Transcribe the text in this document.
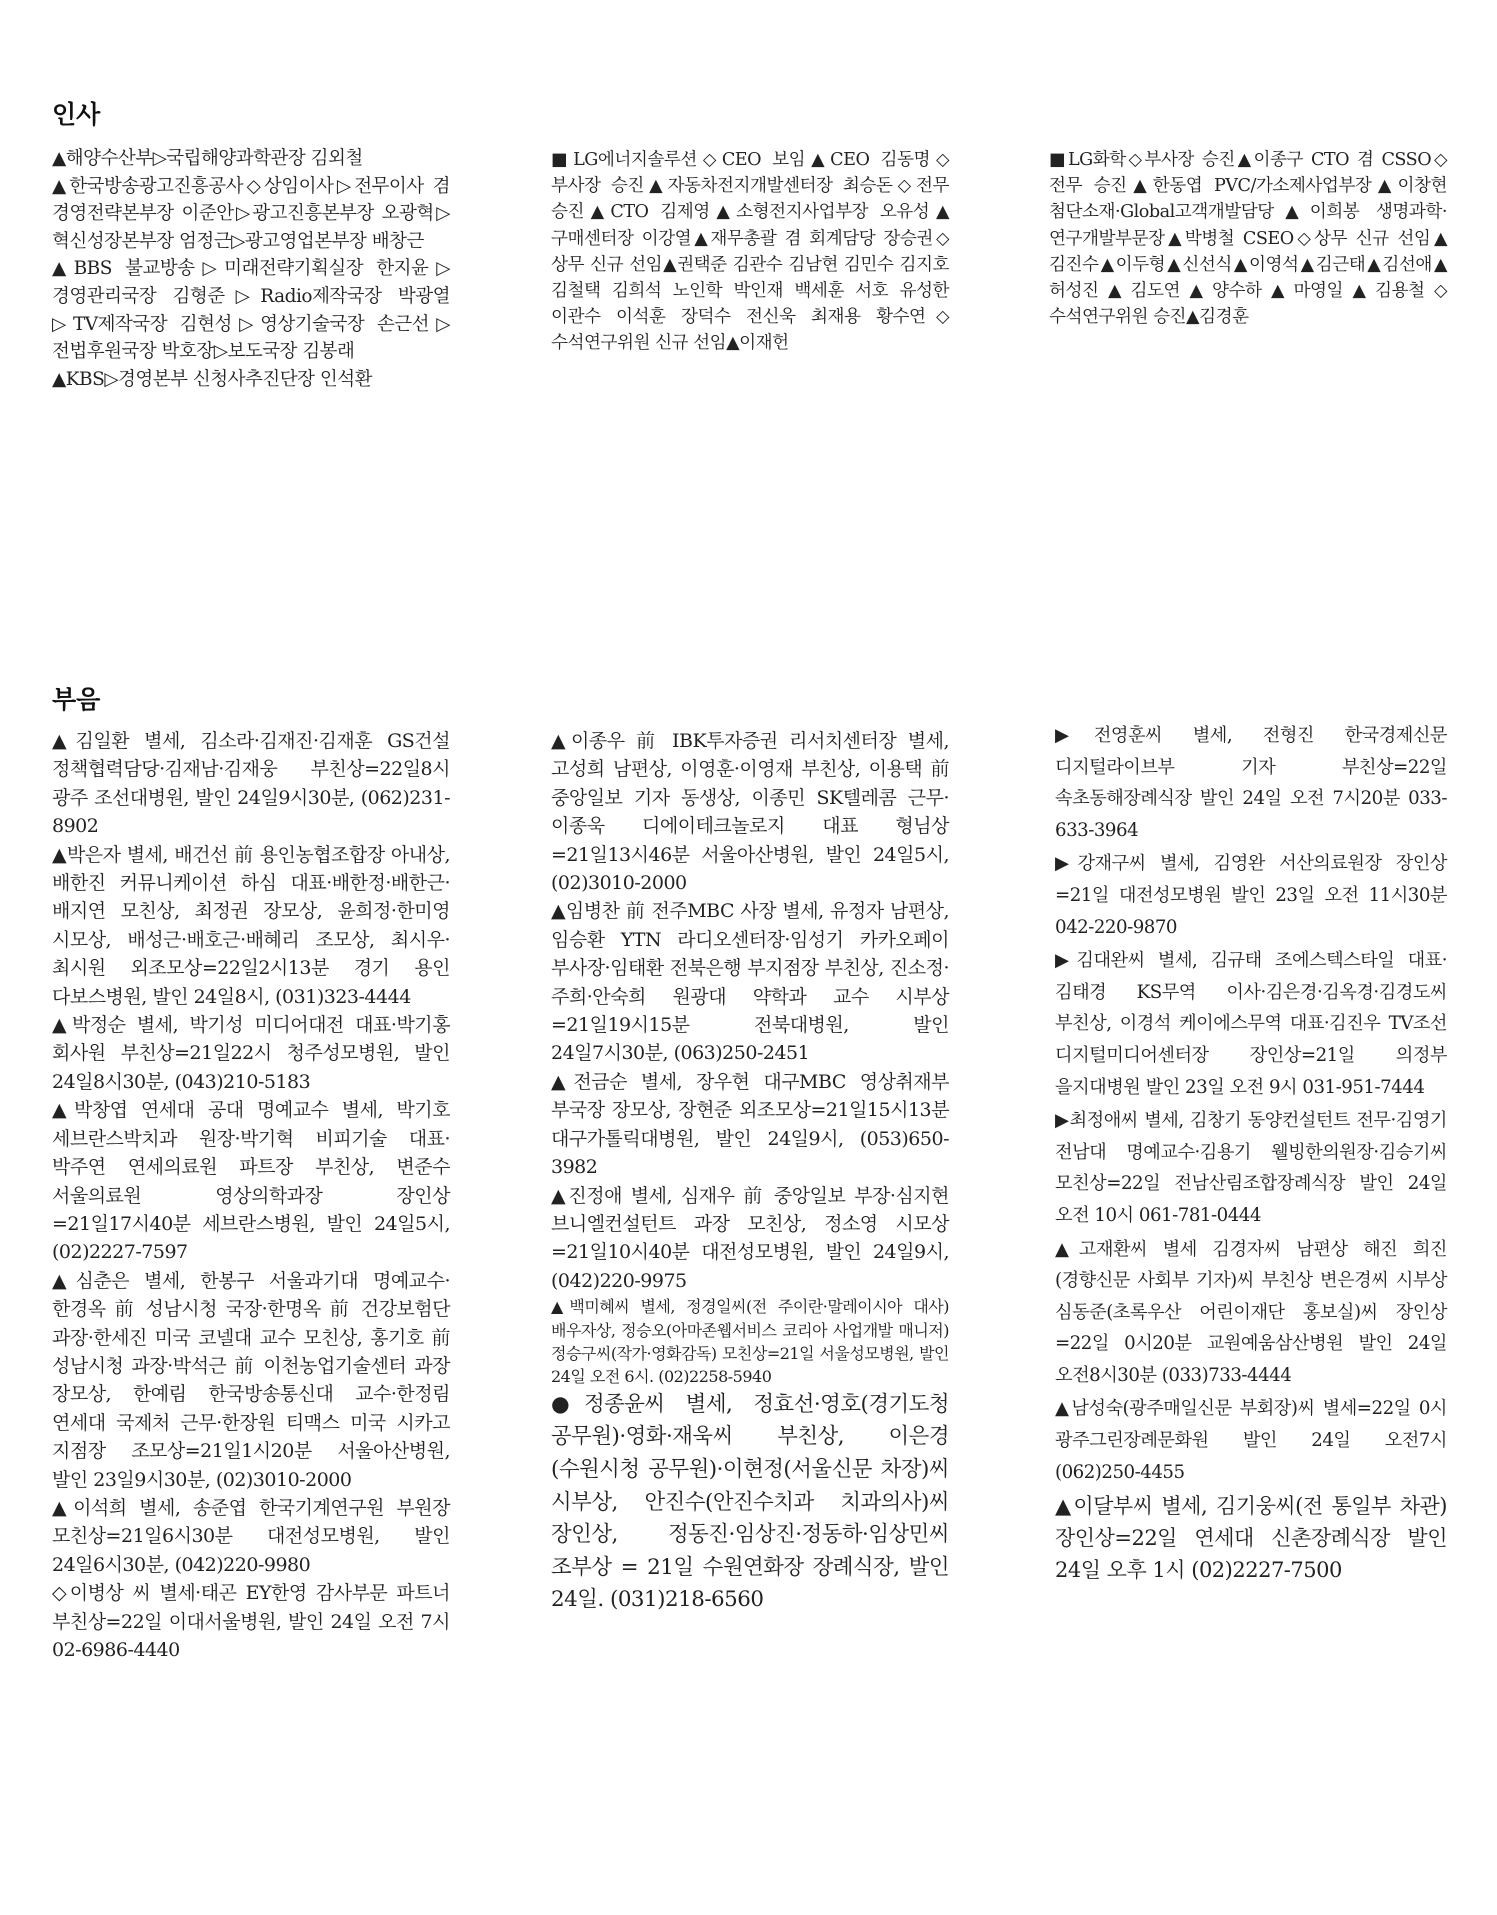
인사

▲해양수산부▷국립해양과학관장 김외철

▲한국방송광고진흥공사◇상임이사▷전무이사 겸 경영전략본부장 이준안▷광고진흥본부장 오광혁▷혁신성장본부장 엄정근▷광고영업본부장 배창근

▲BBS 불교방송▷미래전략기획실장 한지윤▷경영관리국장 김형준▷Radio제작국장 박광열▷TV제작국장 김현성▷영상기술국장 손근선▷전법후원국장 박호장▷보도국장 김봉래

▲KBS▷경영본부 신청사추진단장 인석환

■LG에너지솔루션◇CEO 보임▲CEO 김동명◇부사장 승진▲자동차전지개발센터장 최승돈◇전무 승진▲CTO 김제영▲소형전지사업부장 오유성▲구매센터장 이강열▲재무총괄 겸 회계담당 장승권◇상무 신규 선임▲권택준 김관수 김남현 김민수 김지호 김철택 김희석 노인학 박인재 백세훈 서호 유성한 이관수 이석훈 장덕수 전신욱 최재용 황수연◇수석연구위원 신규 선임▲이재헌

■LG화학◇부사장 승진▲이종구 CTO 겸 CSSO◇전무 승진▲한동엽 PVC/가소제사업부장▲이창현 첨단소재·Global고객개발담당▲이희봉 생명과학·연구개발부문장▲박병철 CSEO◇상무 신규 선임▲김진수▲이두형▲신선식▲이영석▲김근태▲김선애▲허성진▲김도연▲양수하▲마영일▲김용철◇수석연구위원 승진▲김경훈

부음

▲김일환 별세, 김소라·김재진·김재훈 GS건설 정책협력담당·김재남·김재웅 부친상=22일8시 광주 조선대병원, 발인 24일9시30분, (062)231-8902

▲박은자 별세, 배건선 前 용인농협조합장 아내상, 배한진 커뮤니케이션 하심 대표·배한정·배한근·배지연 모친상, 최정권 장모상, 윤희정·한미영 시모상, 배성근·배호근·배혜리 조모상, 최시우·최시원 외조모상=22일2시13분 경기 용인 다보스병원, 발인 24일8시, (031)323-4444

▲박정순 별세, 박기성 미디어대전 대표·박기홍 회사원 부친상=21일22시 청주성모병원, 발인 24일8시30분, (043)210-5183

▲박창엽 연세대 공대 명예교수 별세, 박기호 세브란스박치과 원장·박기혁 비피기술 대표·박주연 연세의료원 파트장 부친상, 변준수 서울의료원 영상의학과장 장인상=21일17시40분 세브란스병원, 발인 24일5시, (02)2227-7597

▲심춘은 별세, 한봉구 서울과기대 명예교수·한경옥 前 성남시청 국장·한명옥 前 건강보험단 과장·한세진 미국 코넬대 교수 모친상, 홍기호 前 성남시청 과장·박석근 前 이천농업기술센터 과장 장모상, 한예림 한국방송통신대 교수·한정림 연세대 국제처 근무·한장원 티맥스 미국 시카고 지점장 조모상=21일1시20분 서울아산병원, 발인 23일9시30분, (02)3010-2000

▲이석희 별세, 송준엽 한국기계연구원 부원장 모친상=21일6시30분 대전성모병원, 발인 24일6시30분, (042)220-9980

◇이병상 씨 별세·태곤 EY한영 감사부문 파트너 부친상=22일 이대서울병원, 발인 24일 오전 7시 02-6986-4440

▲이종우 前 IBK투자증권 리서치센터장 별세, 고성희 남편상, 이영훈·이영재 부친상, 이용택 前 중앙일보 기자 동생상, 이종민 SK텔레콤 근무·이종욱 디에이테크놀로지 대표 형님상=21일13시46분 서울아산병원, 발인 24일5시, (02)3010-2000

▲임병찬 前 전주MBC 사장 별세, 유정자 남편상, 임승환 YTN 라디오센터장·임성기 카카오페이 부사장·임태환 전북은행 부지점장 부친상, 진소정·주희·안숙희 원광대 약학과 교수 시부상=21일19시15분 전북대병원, 발인 24일7시30분, (063)250-2451

▲전금순 별세, 장우현 대구MBC 영상취재부 부국장 장모상, 장현준 외조모상=21일15시13분 대구가톨릭대병원, 발인 24일9시, (053)650-3982

▲진정애 별세, 심재우 前 중앙일보 부장·심지현 브니엘컨설턴트 과장 모친상, 정소영 시모상=21일10시40분 대전성모병원, 발인 24일9시, (042)220-9975

▲백미혜씨 별세, 정경일씨(전 주이란·말레이시아 대사) 배우자상, 정승오(아마존웹서비스 코리아 사업개발 매니저) 정승구씨(작가·영화감독) 모친상=21일 서울성모병원, 발인 24일 오전 6시. (02)2258-5940

●정종윤씨 별세, 정효선·영호(경기도청 공무원)·영화·재욱씨 부친상, 이은경(수원시청 공무원)·이현정(서울신문 차장)씨 시부상, 안진수(안진수치과 치과의사)씨 장인상, 정동진·임상진·정동하·임상민씨 조부상 = 21일 수원연화장 장례식장, 발인 24일. (031)218-6560

▶전영훈씨 별세, 전형진 한국경제신문 디지털라이브부 기자 부친상=22일 속초동해장례식장 발인 24일 오전 7시20분 033-633-3964

▶강재구씨 별세, 김영완 서산의료원장 장인상=21일 대전성모병원 발인 23일 오전 11시30분 042-220-9870

▶김대완씨 별세, 김규태 조에스텍스타일 대표·김태경 KS무역 이사·김은경·김옥경·김경도씨 부친상, 이경석 케이에스무역 대표·김진우 TV조선 디지털미디어센터장 장인상=21일 의정부 을지대병원 발인 23일 오전 9시 031-951-7444

▶최정애씨 별세, 김창기 동양컨설턴트 전무·김영기 전남대 명예교수·김용기 웰빙한의원장·김승기씨 모친상=22일 전남산림조합장례식장 발인 24일 오전 10시 061-781-0444

▲고재환씨 별세 김경자씨 남편상 해진 희진(경향신문 사회부 기자)씨 부친상 변은경씨 시부상 심동준(초록우산 어린이재단 홍보실)씨 장인상=22일 0시20분 교원예움삼산병원 발인 24일 오전8시30분 (033)733-4444

▲남성숙(광주매일신문 부회장)씨 별세=22일 0시 광주그린장례문화원 발인 24일 오전7시 (062)250-4455

▲이달부씨 별세, 김기웅씨(전 통일부 차관) 장인상=22일 연세대 신촌장례식장 발인 24일 오후 1시 (02)2227-7500
